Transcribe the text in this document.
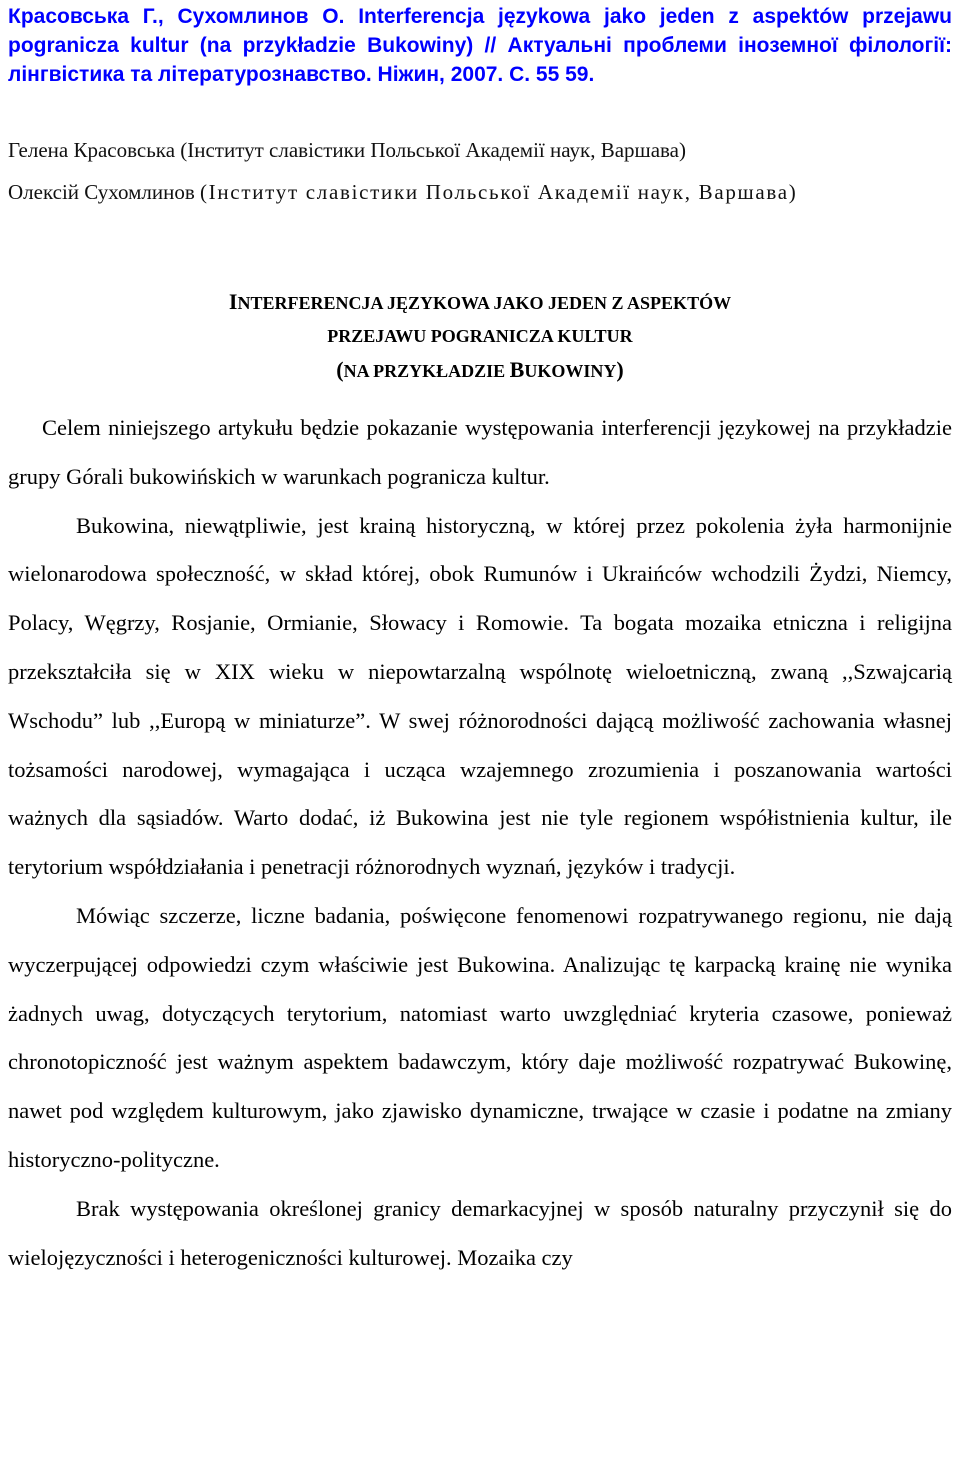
Красовська Г., Сухомлинов О. Interferencja językowa jako jeden z aspektów przejawu pogranicza kultur (na przykładzie Bukowiny) // Актуальні проблеми іноземної філології: лінгвістика та літературознавство. Ніжин, 2007. С. 55 59.
Гелена Красовська (Інститут славістики Польської Академії наук, Варшава)
Олексій Сухомлинов (Інститут славістики Польської Академії наук, Варшава)
INTERFERENCJA JĘZYKOWA JAKO JEDEN Z ASPEKTÓW
PRZEJAWU POGRANICZA KULTUR
(NA PRZYKŁADZIE BUKOWINY)

Celem niniejszego artykułu będzie pokazanie występowania interferencji językowej na przykładzie grupy Górali bukowińskich w warunkach pogranicza kultur.

Bukowina, niewątpliwie, jest krainą historyczną, w której przez pokolenia żyła harmonijnie wielonarodowa społeczność, w skład której, obok Rumunów i Ukraińców wchodzili Żydzi, Niemcy, Polacy, Węgrzy, Rosjanie, Ormianie, Słowacy i Romowie. Ta bogata mozaika etniczna i religijna przekształciła się w XIX wieku w niepowtarzalną wspólnotę wieloetniczną, zwaną ,,Szwajcarią Wschodu” lub ,,Europą w miniaturze”. W swej różnorodności dającą możliwość zachowania własnej tożsamości narodowej, wymagająca i ucząca wzajemnego zrozumienia i poszanowania wartości ważnych dla sąsiadów. Warto dodać, iż Bukowina jest nie tyle regionem współistnienia kultur, ile terytorium współdziałania i penetracji różnorodnych wyznań, języków i tradycji.

Mówiąc szczerze, liczne badania, poświęcone fenomenowi rozpatrywanego regionu, nie dają wyczerpującej odpowiedzi czym właściwie jest Bukowina. Analizując tę karpacką krainę nie wynika żadnych uwag, dotyczących terytorium, natomiast warto uwzględniać kryteria czasowe, ponieważ chronotopiczność jest ważnym aspektem badawczym, który daje możliwość rozpatrywać Bukowinę, nawet pod względem kulturowym, jako zjawisko dynamiczne, trwające w czasie i podatne na zmiany historyczno-polityczne.

Brak występowania określonej granicy demarkacyjnej w sposób naturalny przyczynił się do wielojęzyczności i heterogeniczności kulturowej. Mozaika czy
